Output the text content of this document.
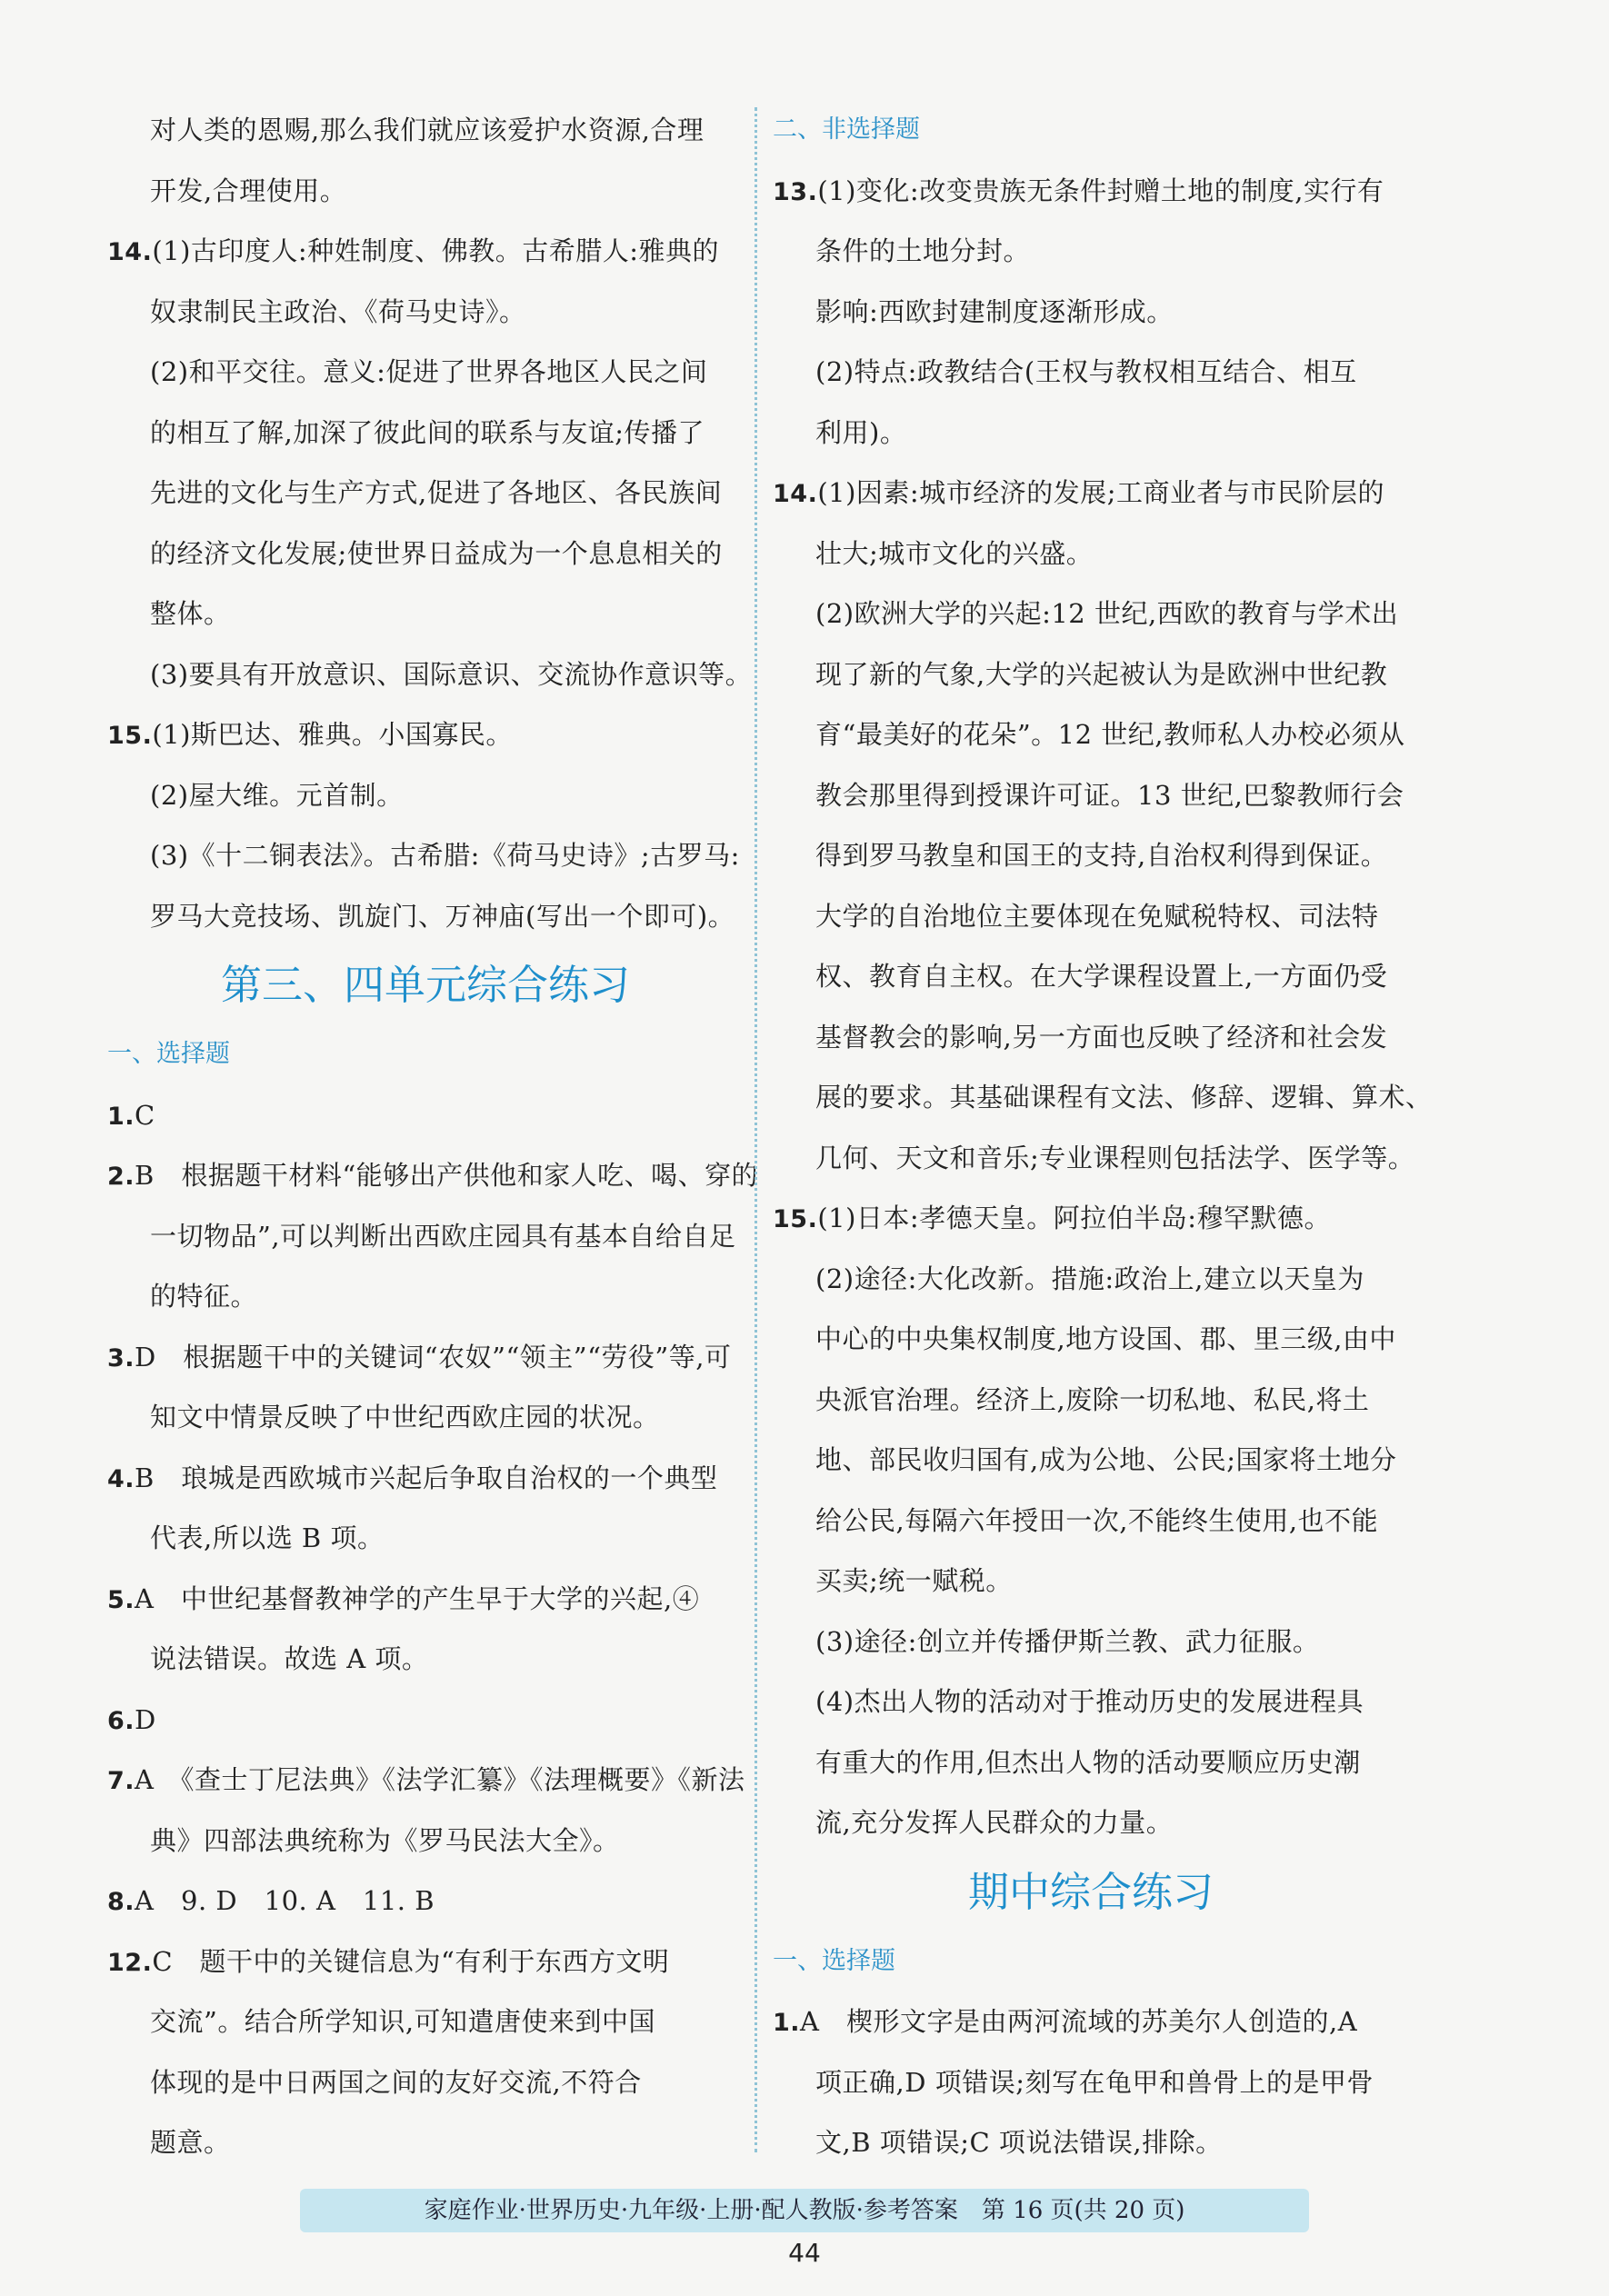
对人类的恩赐,那么我们就应该爱护水资源,合理
开发,合理使用。
14.(1)古印度人:种姓制度、佛教。古希腊人:雅典的
奴隶制民主政治、《荷马史诗》。
(2)和平交往。意义:促进了世界各地区人民之间
的相互了解,加深了彼此间的联系与友谊;传播了
先进的文化与生产方式,促进了各地区、各民族间
的经济文化发展;使世界日益成为一个息息相关的
整体。
(3)要具有开放意识、国际意识、交流协作意识等。
15.(1)斯巴达、雅典。小国寡民。
(2)屋大维。元首制。
(3)《十二铜表法》。古希腊:《荷马史诗》;古罗马:
罗马大竞技场、凯旋门、万神庙(写出一个即可)。
第三、四单元综合练习
一、选择题
1.C
2.B　根据题干材料“能够出产供他和家人吃、喝、穿的
一切物品”,可以判断出西欧庄园具有基本自给自足
的特征。
3.D　根据题干中的关键词“农奴”“领主”“劳役”等,可
知文中情景反映了中世纪西欧庄园的状况。
4.B　琅城是西欧城市兴起后争取自治权的一个典型
代表,所以选 B 项。
5.A　中世纪基督教神学的产生早于大学的兴起,④
说法错误。故选 A 项。
6.D
7.A　《查士丁尼法典》《法学汇纂》《法理概要》《新法
典》四部法典统称为《罗马民法大全》。
8.A　9. D　10. A　11. B
12.C　题干中的关键信息为“有利于东西方文明
交流”。结合所学知识,可知遣唐使来到中国
体现的是中日两国之间的友好交流,不符合
题意。
二、非选择题
13.(1)变化:改变贵族无条件封赠土地的制度,实行有
条件的土地分封。
影响:西欧封建制度逐渐形成。
(2)特点:政教结合(王权与教权相互结合、相互
利用)。
14.(1)因素:城市经济的发展;工商业者与市民阶层的
壮大;城市文化的兴盛。
(2)欧洲大学的兴起:12 世纪,西欧的教育与学术出
现了新的气象,大学的兴起被认为是欧洲中世纪教
育“最美好的花朵”。12 世纪,教师私人办校必须从
教会那里得到授课许可证。13 世纪,巴黎教师行会
得到罗马教皇和国王的支持,自治权利得到保证。
大学的自治地位主要体现在免赋税特权、司法特
权、教育自主权。在大学课程设置上,一方面仍受
基督教会的影响,另一方面也反映了经济和社会发
展的要求。其基础课程有文法、修辞、逻辑、算术、
几何、天文和音乐;专业课程则包括法学、医学等。
15.(1)日本:孝德天皇。阿拉伯半岛:穆罕默德。
(2)途径:大化改新。措施:政治上,建立以天皇为
中心的中央集权制度,地方设国、郡、里三级,由中
央派官治理。经济上,废除一切私地、私民,将土
地、部民收归国有,成为公地、公民;国家将土地分
给公民,每隔六年授田一次,不能终生使用,也不能
买卖;统一赋税。
(3)途径:创立并传播伊斯兰教、武力征服。
(4)杰出人物的活动对于推动历史的发展进程具
有重大的作用,但杰出人物的活动要顺应历史潮
流,充分发挥人民群众的力量。
期中综合练习
一、选择题
1.A　楔形文字是由两河流域的苏美尔人创造的,A
项正确,D 项错误;刻写在龟甲和兽骨上的是甲骨
文,B 项错误;C 项说法错误,排除。
家庭作业·世界历史·九年级·上册·配人教版·参考答案　第 16 页(共 20 页)
44
